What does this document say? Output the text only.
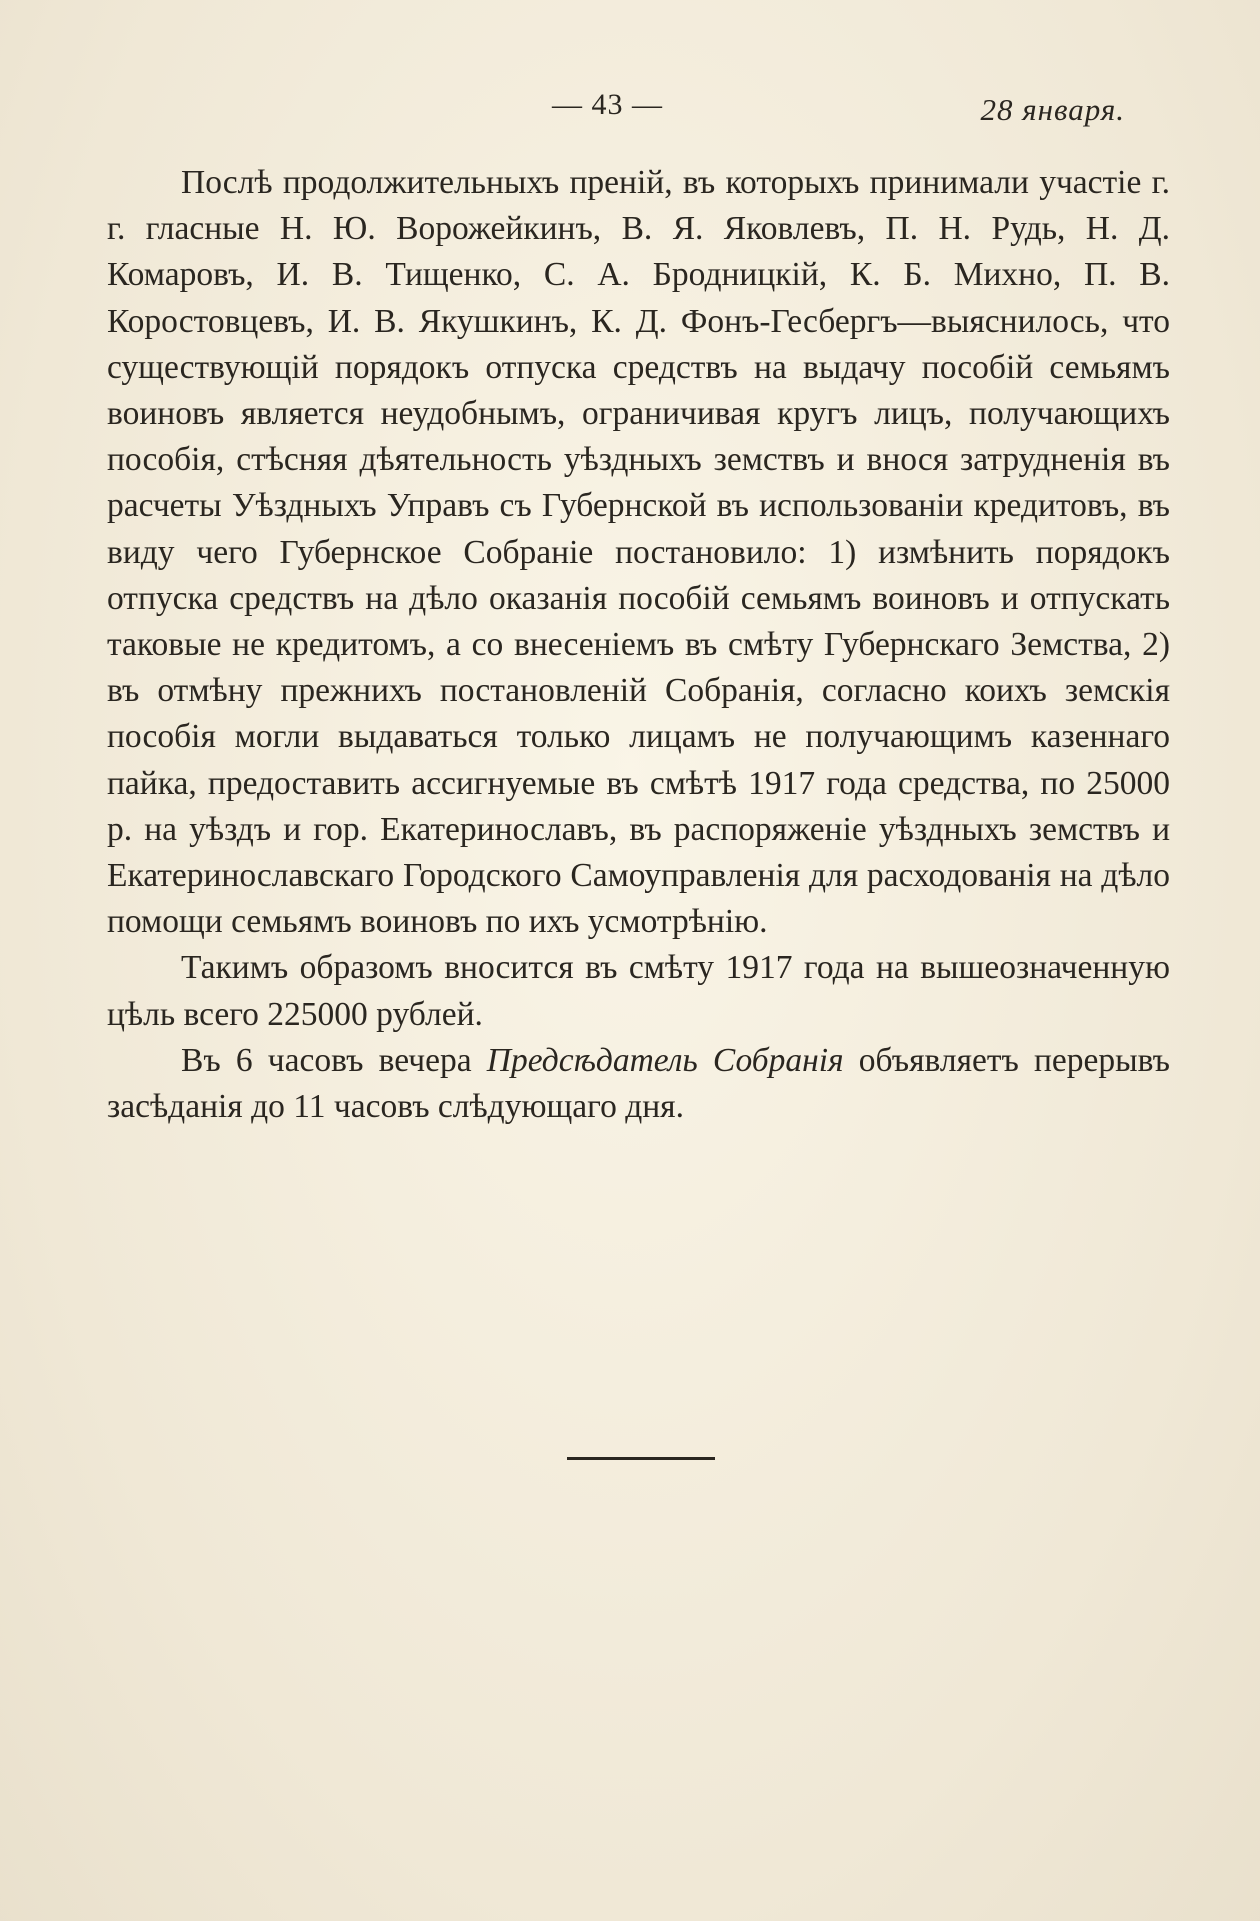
— 43 —	28 января.

Послѣ продолжительныхъ преній, въ которыхъ принимали участіе г. г. гласные Н. Ю. Ворожейкинъ, В. Я. Яковлевъ, П. Н. Рудь, Н. Д. Комаровъ, И. В. Тищенко, С. А. Бродницкій, К. Б. Михно, П. В. Коростовцевъ, И. В. Якушкинъ, К. Д. Фонъ-Гесбергъ—выяснилось, что существующій порядокъ отпуска средствъ на выдачу пособій семьямъ воиновъ является неудобнымъ, ограничивая кругъ лицъ, получающихъ пособія, стѣсняя дѣятельность уѣздныхъ земствъ и внося затрудненія въ расчеты Уѣздныхъ Управъ съ Губернской въ использованіи кредитовъ, въ виду чего Губернское Собраніе постановило: 1) измѣнить порядокъ отпуска средствъ на дѣло оказанія пособій семьямъ воиновъ и отпускать таковые не кредитомъ, а со внесеніемъ въ смѣту Губернскаго Земства, 2) въ отмѣну прежнихъ постановленій Собранія, согласно коихъ земскія пособія могли выдаваться только лицамъ не получающимъ казеннаго пайка, предоставить ассигнуемые въ смѣтѣ 1917 года средства, по 25000 р. на уѣздъ и гор. Екатеринославъ, въ распоряженіе уѣздныхъ земствъ и Екатеринославскаго Городского Самоуправленія для расходованія на дѣло помощи семьямъ воиновъ по ихъ усмотрѣнію.

Такимъ образомъ вносится въ смѣту 1917 года на вышеозначенную цѣль всего 225000 рублей.

Въ 6 часовъ вечера Предсѣдатель Собранія объявляетъ перерывъ засѣданія до 11 часовъ слѣдующаго дня.
